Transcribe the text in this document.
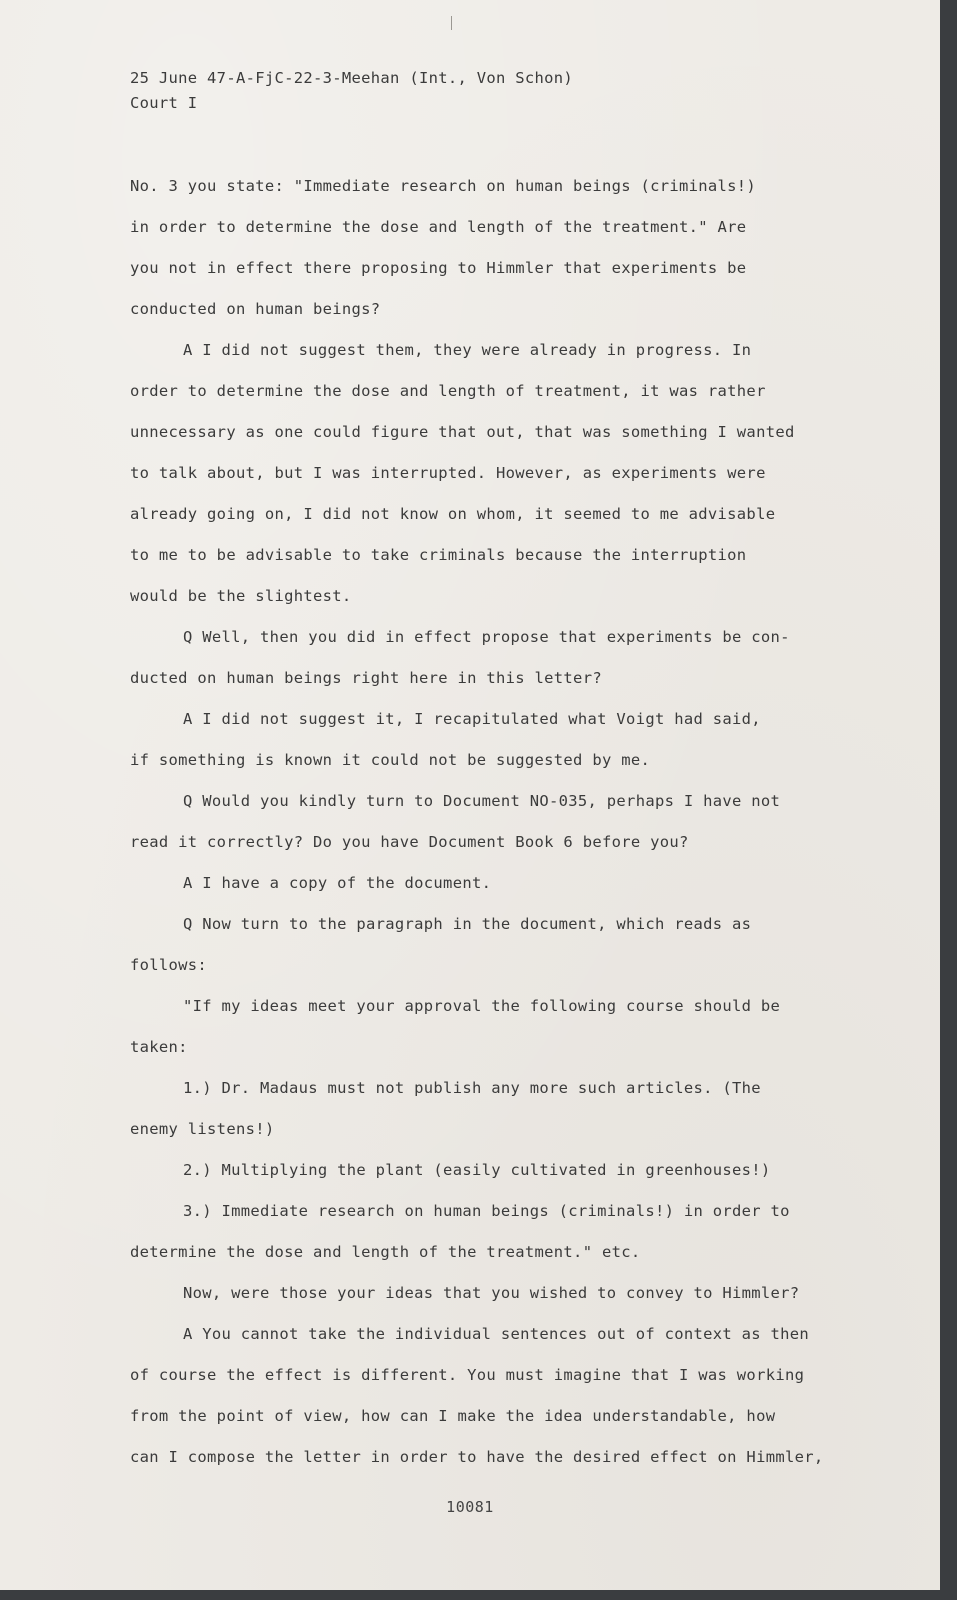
25 June 47-A-FjC-22-3-Meehan (Int., Von Schon)
Court I
No. 3 you state: "Immediate research on human beings (criminals!)
in order to determine the dose and length of the treatment." Are
you not in effect there proposing to Himmler that experiments be
conducted on human beings?
A I did not suggest them, they were already in progress. In
order to determine the dose and length of treatment, it was rather
unnecessary as one could figure that out, that was something I wanted
to talk about, but I was interrupted. However, as experiments were
already going on, I did not know on whom, it seemed to me advisable
to me to be advisable to take criminals because the interruption
would be the slightest.
Q Well, then you did in effect propose that experiments be con-
ducted on human beings right here in this letter?
A I did not suggest it, I recapitulated what Voigt had said,
if something is known it could not be suggested by me.
Q Would you kindly turn to Document NO-035, perhaps I have not
read it correctly? Do you have Document Book 6 before you?
A I have a copy of the document.
Q Now turn to the paragraph in the document, which reads as
follows:
"If my ideas meet your approval the following course should be
taken:
1.) Dr. Madaus must not publish any more such articles. (The
enemy listens!)
2.) Multiplying the plant (easily cultivated in greenhouses!)
3.) Immediate research on human beings (criminals!) in order to
determine the dose and length of the treatment." etc.
Now, were those your ideas that you wished to convey to Himmler?
A You cannot take the individual sentences out of context as then
of course the effect is different. You must imagine that I was working
from the point of view, how can I make the idea understandable, how
can I compose the letter in order to have the desired effect on Himmler,
10081
